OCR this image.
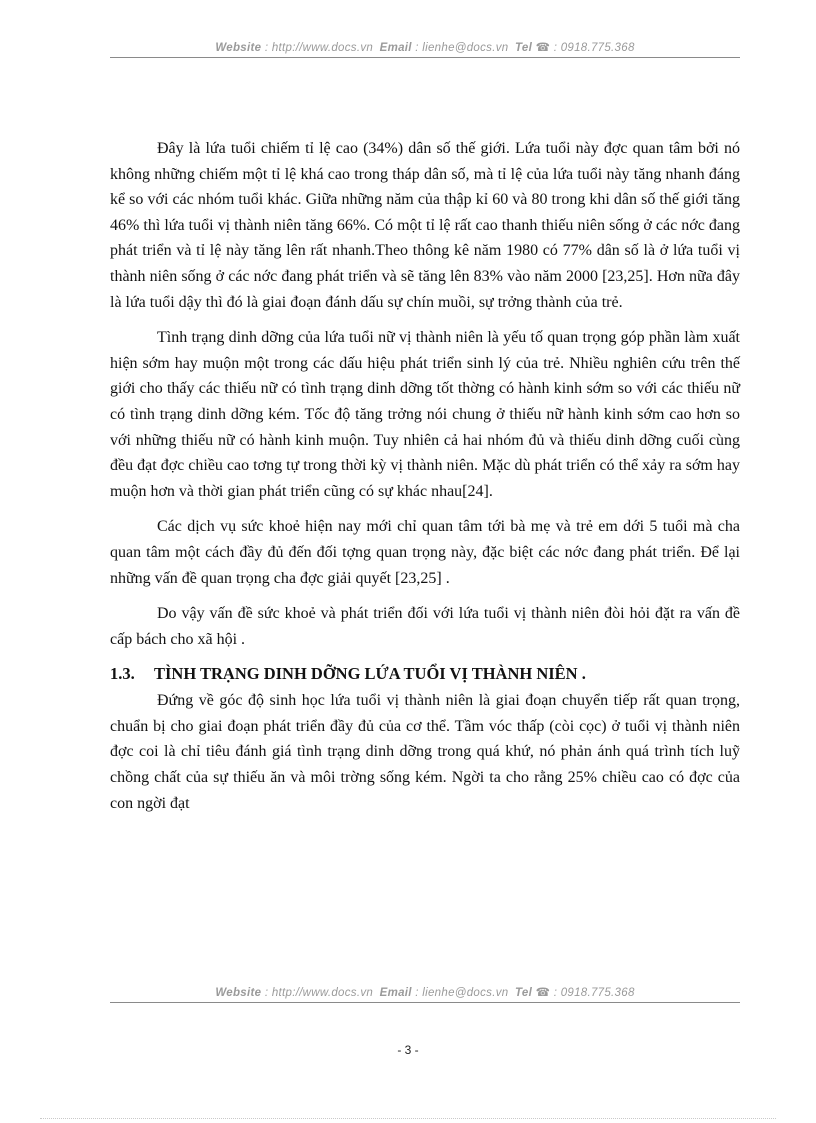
Website : http://www.docs.vn Email : lienhe@docs.vn Tel ☎ : 0918.775.368

Đây là lứa tuổi chiếm tỉ lệ cao (34%) dân số thế giới. Lứa tuổi này đợc quan tâm bởi nó không những chiếm một tỉ lệ khá cao trong tháp dân số, mà tỉ lệ của lứa tuổi này tăng nhanh đáng kể so với các nhóm tuổi khác. Giữa những năm của thập kỉ 60 và 80 trong khi dân số thế giới tăng 46% thì lứa tuổi vị thành niên tăng 66%. Có một tỉ lệ rất cao thanh thiếu niên sống ở các nớc đang phát triển và tỉ lệ này tăng lên rất nhanh.Theo thông kê năm 1980 có 77% dân số là ở lứa tuổi vị thành niên sống ở các nớc đang phát triển và sẽ tăng lên 83% vào năm 2000 [23,25]. Hơn nữa đây là lứa tuổi dậy thì đó là giai đoạn đánh dấu sự chín muồi, sự trởng thành của trẻ.

Tình trạng dinh dỡng của lứa tuổi nữ vị thành niên là yếu tố quan trọng góp phần làm xuất hiện sớm hay muộn một trong các dấu hiệu phát triển sinh lý của trẻ. Nhiều nghiên cứu trên thế giới cho thấy các thiếu nữ có tình trạng dinh dỡng tốt thờng có hành kinh sớm so với các thiếu nữ có tình trạng dinh dỡng kém. Tốc độ tăng trởng nói chung ở thiếu nữ hành kinh sớm cao hơn so với những thiếu nữ có hành kinh muộn. Tuy nhiên cả hai nhóm đủ và thiếu dinh dỡng cuối cùng đều đạt đợc chiều cao tơng tự trong thời kỳ vị thành niên. Mặc dù phát triển có thể xảy ra sớm hay muộn hơn và thời gian phát triển cũng có sự khác nhau[24].

Các dịch vụ sức khoẻ hiện nay mới chỉ quan tâm tới bà mẹ và trẻ em dới 5 tuổi mà cha quan tâm một cách đầy đủ đến đối tợng quan trọng này, đặc biệt các nớc đang phát triển. Để lại những vấn đề quan trọng cha đợc giải quyết [23,25] .

Do vậy vấn đề sức khoẻ và phát triển đối với lứa tuổi vị thành niên đòi hỏi đặt ra vấn đề cấp bách cho xã hội .

1.3. TÌNH TRẠNG DINH DỠNG LỨA TUỔI VỊ THÀNH NIÊN .

Đứng về góc độ sinh học lứa tuổi vị thành niên là giai đoạn chuyển tiếp rất quan trọng, chuẩn bị cho giai đoạn phát triển đầy đủ của cơ thể. Tầm vóc thấp (còi cọc) ở tuổi vị thành niên đợc coi là chỉ tiêu đánh giá tình trạng dinh dỡng trong quá khứ, nó phản ánh quá trình tích luỹ chồng chất của sự thiếu ăn và môi trờng sống kém. Ngời ta cho rằng 25% chiều cao có đợc của con ngời đạt

Website : http://www.docs.vn Email : lienhe@docs.vn Tel ☎ : 0918.775.368
- 3 -
